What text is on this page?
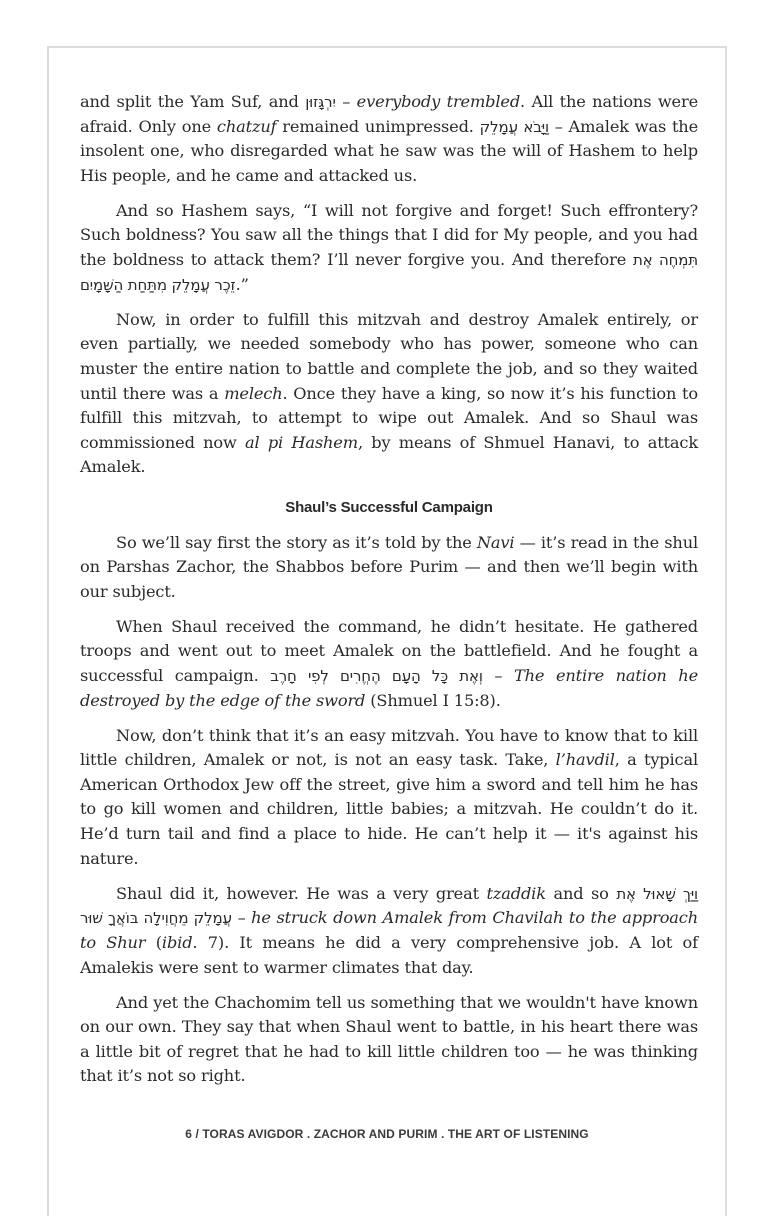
and split the Yam Suf, and יִרְגָּזוּן – everybody trembled. All the nations were afraid. Only one chatzuf remained unimpressed. וַיָּבֹא עֲמָלֵק – Amalek was the insolent one, who disregarded what he saw was the will of Hashem to help His people, and he came and attacked us.

And so Hashem says, “I will not forgive and forget! Such effrontery? Such boldness? You saw all the things that I did for My people, and you had the boldness to attack them? I’ll never forgive you. And therefore תִּמְחֶה אֶת זֵכֶר עֲמָלֵק מִתַּחַת הַשָּׁמָיִם.”

Now, in order to fulfill this mitzvah and destroy Amalek entirely, or even partially, we needed somebody who has power, someone who can muster the entire nation to battle and complete the job, and so they waited until there was a melech. Once they have a king, so now it’s his function to fulfill this mitzvah, to attempt to wipe out Amalek. And so Shaul was commissioned now al pi Hashem, by means of Shmuel Hanavi, to attack Amalek.

Shaul’s Successful Campaign

So we’ll say first the story as it’s told by the Navi — it’s read in the shul on Parshas Zachor, the Shabbos before Purim — and then we’ll begin with our subject.

When Shaul received the command, he didn’t hesitate. He gathered troops and went out to meet Amalek on the battlefield. And he fought a successful campaign. וְאֶת כָּל הָעָם הֶחֱרִים לְפִי חָרֶב – The entire nation he destroyed by the edge of the sword (Shmuel I 15:8).

Now, don’t think that it’s an easy mitzvah. You have to know that to kill little children, Amalek or not, is not an easy task. Take, l’havdil, a typical American Orthodox Jew off the street, give him a sword and tell him he has to go kill women and children, little babies; a mitzvah. He couldn’t do it. He’d turn tail and find a place to hide. He can’t help it — it's against his nature.

Shaul did it, however. He was a very great tzaddik and so וַיַּךְ שָׁאוּל אֶת עֲמָלֵק מֵחֲוִילָה בּוֹאֲךָ שׁוּר – he struck down Amalek from Chavilah to the approach to Shur (ibid. 7). It means he did a very comprehensive job. A lot of Amalekis were sent to warmer climates that day.

And yet the Chachomim tell us something that we wouldn't have known on our own. They say that when Shaul went to battle, in his heart there was a little bit of regret that he had to kill little children too — he was thinking that it’s not so right.

6 / TORAS AVIGDOR . ZACHOR AND PURIM . THE ART OF LISTENING
